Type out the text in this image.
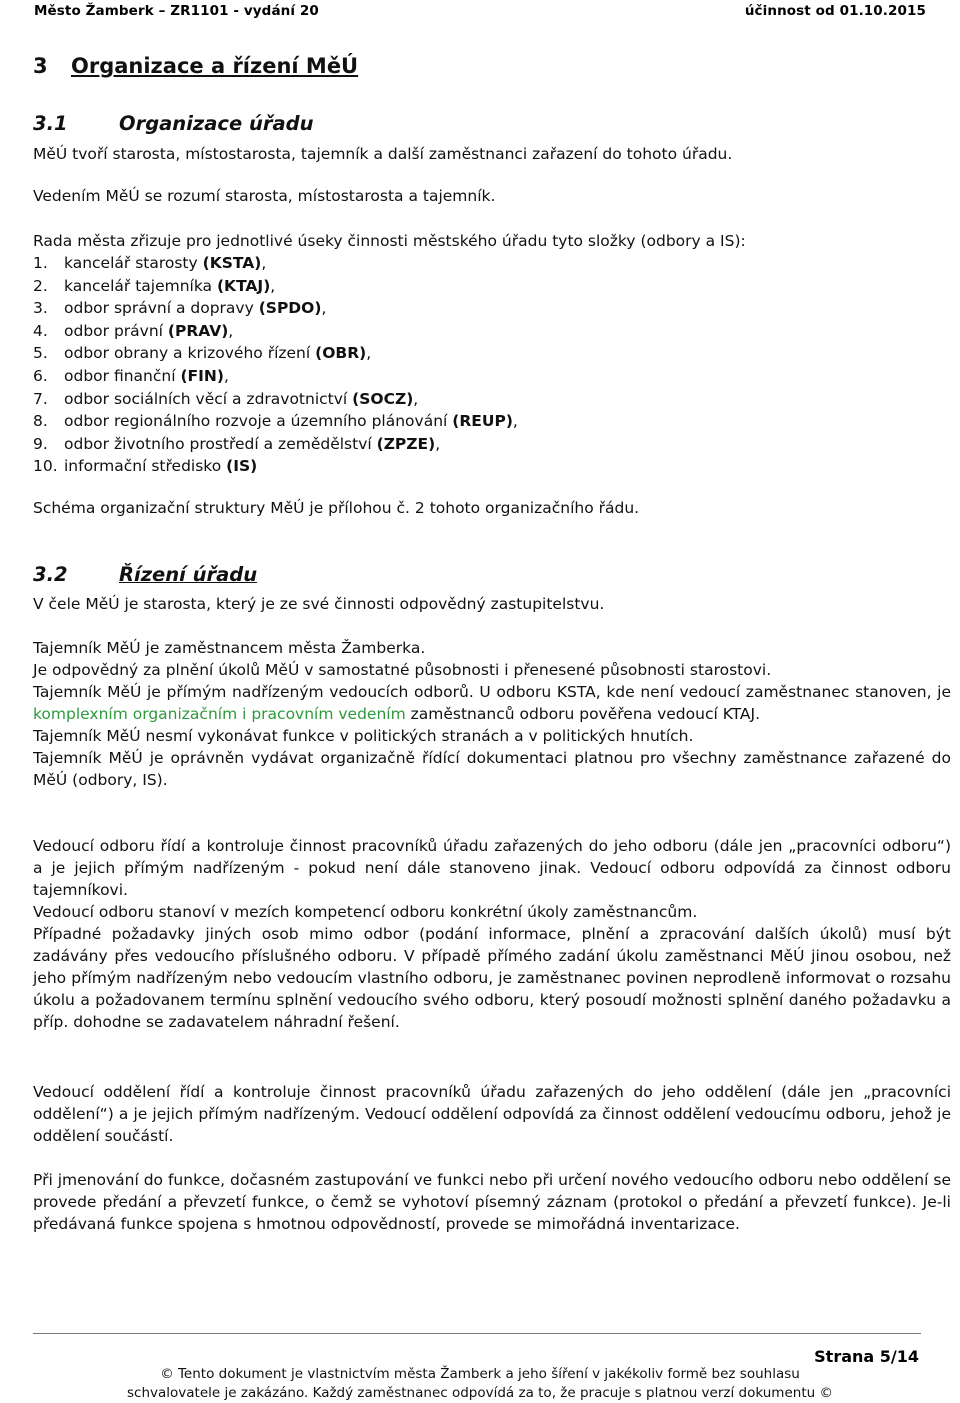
Město Žamberk – ZR1101 - vydání 20	účinnost od 01.10.2015
3 Organizace a řízení MěÚ
3.1	Organizace úřadu
MěÚ tvoří starosta, místostarosta, tajemník a další zaměstnanci zařazení do tohoto úřadu.
Vedením MěÚ se rozumí starosta, místostarosta a tajemník.
Rada města zřizuje pro jednotlivé úseky činnosti městského úřadu tyto složky (odbory a IS):
1. kancelář starosty (KSTA),
2. kancelář tajemníka (KTAJ),
3. odbor správní a dopravy (SPDO),
4. odbor právní (PRAV),
5. odbor obrany a krizového řízení (OBR),
6. odbor finanční (FIN),
7. odbor sociálních věcí a zdravotnictví (SOCZ),
8. odbor regionálního rozvoje a územního plánování (REUP),
9. odbor životního prostředí a zemědělství (ZPZE),
10. informační středisko (IS)
Schéma organizační struktury MěÚ je přílohou č. 2 tohoto organizačního řádu.
3.2	Řízení úřadu
V čele MěÚ je starosta, který je ze své činnosti odpovědný zastupitelstvu.

Tajemník MěÚ je zaměstnancem města Žamberka.

Je odpovědný za plnění úkolů MěÚ v samostatné působnosti i přenesené působnosti starostovi.

Tajemník MěÚ je přímým nadřízeným vedoucích odborů. U odboru KSTA, kde není vedoucí zaměstnanec stanoven, je komplexním organizačním i pracovním vedením zaměstnanců odboru pověřena vedoucí KTAJ.

Tajemník MěÚ nesmí vykonávat funkce v politických stranách a v politických hnutích.

Tajemník MěÚ je oprávněn vydávat organizačně řídící dokumentaci platnou pro všechny zaměstnance zařazené do MěÚ (odbory, IS).

Vedoucí odboru řídí a kontroluje činnost pracovníků úřadu zařazených do jeho odboru (dále jen „pracovníci odboru“) a je jejich přímým nadřízeným - pokud není dále stanoveno jinak. Vedoucí odboru odpovídá za činnost odboru tajemníkovi.

Vedoucí odboru stanoví v mezích kompetencí odboru konkrétní úkoly zaměstnancům.

Případné požadavky jiných osob mimo odbor (podání informace, plnění a zpracování dalších úkolů) musí být zadávány přes vedoucího příslušného odboru. V případě přímého zadání úkolu zaměstnanci MěÚ jinou osobou, než jeho přímým nadřízeným nebo vedoucím vlastního odboru, je zaměstnanec povinen neprodleně informovat o rozsahu úkolu a požadovanem termínu splnění vedoucího svého odboru, který posoudí možnosti splnění daného požadavku a příp. dohodne se zadavatelem náhradní řešení.

Vedoucí oddělení řídí a kontroluje činnost pracovníků úřadu zařazených do jeho oddělení (dále jen „pracovníci oddělení“) a je jejich přímým nadřízeným. Vedoucí oddělení odpovídá za činnost oddělení vedoucímu odboru, jehož je oddělení součástí.
Při jmenování do funkce, dočasném zastupování ve funkci nebo při určení nového vedoucího odboru nebo oddělení se provede předání a převzetí funkce, o čemž se vyhotoví písemný záznam (protokol o předání a převzetí funkce). Je-li předávaná funkce spojena s hmotnou odpovědností, provede se mimořádná inventarizace.
Strana 5/14
© Tento dokument je vlastnictvím města Žamberk a jeho šíření v jakékoliv formě bez souhlasu
schvalovatele je zakázáno. Každý zaměstnanec odpovídá za to, že pracuje s platnou verzí dokumentu ©
